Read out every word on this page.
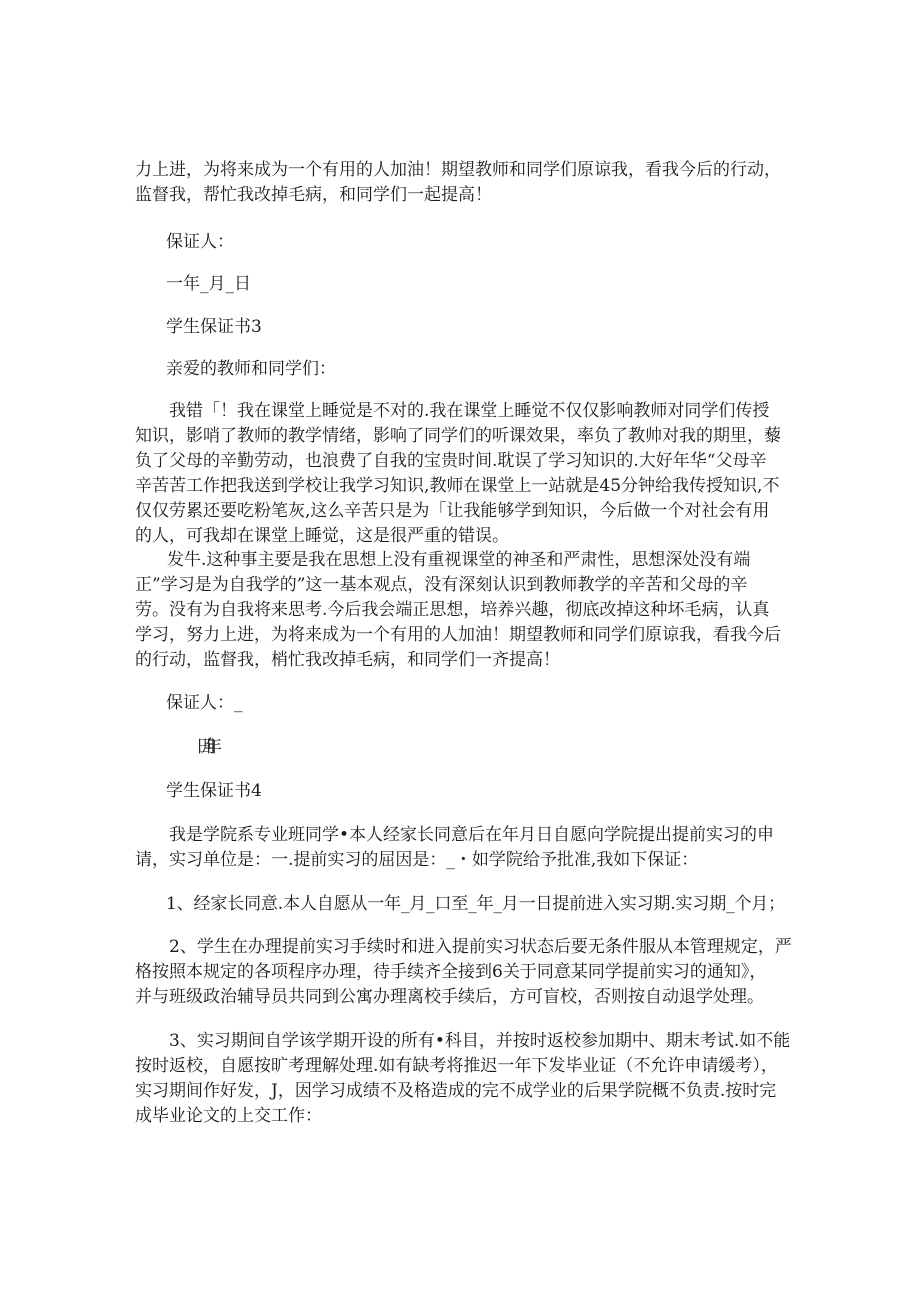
力上进，为将来成为一个有用的人加油！期望教师和同学们原谅我，看我今后的行动，
监督我，帮忙我改掉毛病，和同学们一起提高！
保证人：
一年_月_日
学生保证书3
亲爱的教师和同学们：
我错「！我在课堂上睡觉是不对的.我在课堂上睡觉不仅仅影响教师对同学们传授
知识，影哨了教师的教学情绪，影响了同学们的听课效果，率负了教帅对我的期里，藜
负了父母的辛勤劳动，也浪费了自我的宝贵时间.耽误了学习知识的.大好年华“父母辛
辛苦苦工作把我送到学校让我学习知识,教师在课堂上一站就是45分钟给我传授知识,不
仅仅劳累还要吃粉笔灰,这么辛苦只是为「让我能够学到知识，今后做一个对社会有用
的人，可我却在课堂上睡觉，这是很严重的错误。
发牛.这种事主要是我在思想上没有重视课堂的神圣和严肃性，思想深处没有端
正”学习是为自我学的”这一基本观点，没有深刻认识到教师教学的辛苦和父母的辛
劳。没有为自我将来思考.今后我会端正思想，培养兴趣，彻底改掉这种坏毛病，认真
学习，努力上进，为将来成为一个有用的人加油！期望教师和同学们原谅我，看我今后
的行动，监督我，梢忙我改掉毛病，和同学们一齐提高！
保证人：_
学生保证书4
我是学院系专业班同学•本人经家长同意后在年月日自愿向学院提出提前实习的申
请，实习单位是：一.提前实习的屈因是：_・如学院给予批准,我如下保证：
1、经家长同意.本人自愿从一年_月_口至_年_月一日提前进入实习期.实习期_个月；
2、学生在办理提前实习手续时和进入提前实习状态后要无条件服从本管理规定，严
格按照本规定的各项程序办理，待手续齐全接到6关于同意某同学提前实习的通知》，
并与班级政治辅导员共同到公寓办理离校手续后，方可盲校，否则按自动退学处理。
3、实习期间自学该学期开设的所有•科目，并按时返校参加期中、期末考试.如不能
按时返校，自愿按旷考理解处理.如有缺考将推迟一年下发毕业证（不允许申请缓考），
实习期间作好发，J，因学习成绩不及格造成的完不成学业的后果学院概不负责.按时完
成毕业论文的上交工作：
